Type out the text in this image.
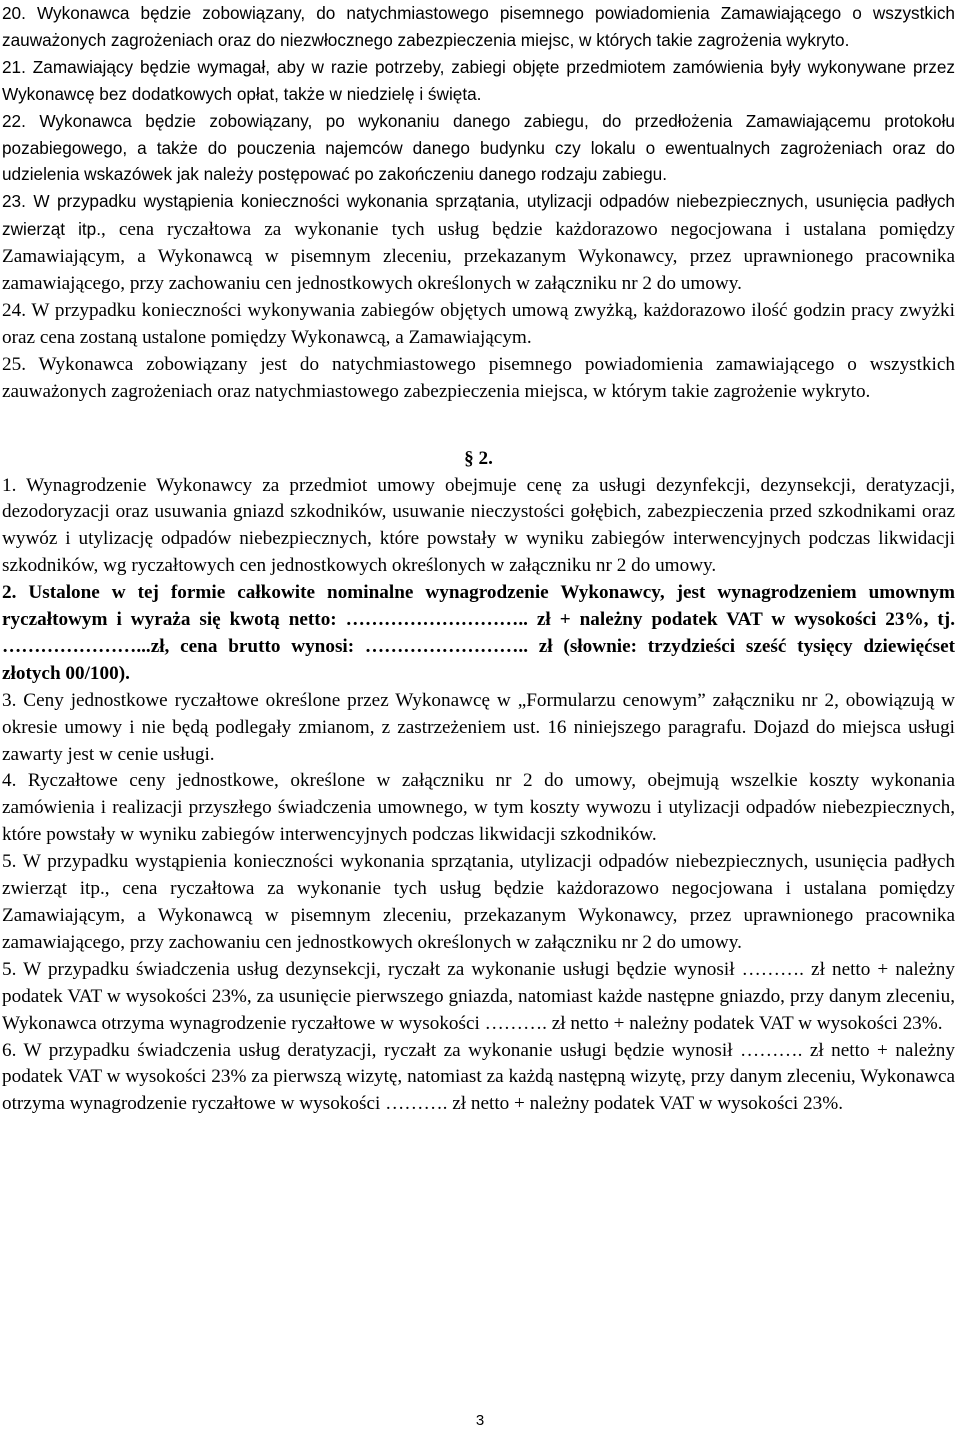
20. Wykonawca będzie zobowiązany, do natychmiastowego pisemnego powiadomienia Zamawiającego o wszystkich zauważonych zagrożeniach oraz do niezwłocznego zabezpieczenia miejsc, w których takie zagrożenia wykryto.

21. Zamawiający będzie wymagał, aby w razie potrzeby, zabiegi objęte przedmiotem zamówienia były wykonywane przez Wykonawcę bez dodatkowych opłat, także w niedzielę i święta.

22. Wykonawca będzie zobowiązany, po wykonaniu danego zabiegu, do przedłożenia Zamawiającemu protokołu pozabiegowego, a także do pouczenia najemców danego budynku czy lokalu o ewentualnych zagrożeniach oraz do udzielenia wskazówek jak należy postępować po zakończeniu danego rodzaju zabiegu.

23. W przypadku wystąpienia konieczności wykonania sprzątania, utylizacji odpadów niebezpiecznych, usunięcia padłych zwierząt itp., cena ryczałtowa za wykonanie tych usług będzie każdorazowo negocjowana i ustalana pomiędzy Zamawiającym, a Wykonawcą w pisemnym zleceniu, przekazanym Wykonawcy, przez uprawnionego pracownika zamawiającego, przy zachowaniu cen jednostkowych określonych w załączniku nr 2 do umowy.

24. W przypadku konieczności wykonywania zabiegów objętych umową zwyżką, każdorazowo ilość godzin pracy zwyżki oraz cena zostaną ustalone pomiędzy Wykonawcą, a Zamawiającym.

25. Wykonawca zobowiązany jest do natychmiastowego pisemnego powiadomienia zamawiającego o wszystkich zauważonych zagrożeniach oraz natychmiastowego zabezpieczenia miejsca, w którym takie zagrożenie wykryto.

§ 2.

1. Wynagrodzenie Wykonawcy za przedmiot umowy obejmuje cenę za usługi dezynfekcji, dezynsekcji, deratyzacji, dezodoryzacji oraz usuwania gniazd szkodników, usuwanie nieczystości gołębich, zabezpieczenia przed szkodnikami oraz wywóz i utylizację odpadów niebezpiecznych, które powstały w wyniku zabiegów interwencyjnych podczas likwidacji szkodników, wg ryczałtowych cen jednostkowych określonych w załączniku nr 2 do umowy.

2. Ustalone w tej formie całkowite nominalne wynagrodzenie Wykonawcy, jest wynagrodzeniem umownym ryczałtowym i wyraża się kwotą netto: ……………………….. zł + należny podatek VAT w wysokości 23%, tj. …………………...zł, cena brutto wynosi: …………………….. zł (słownie: trzydzieści sześć tysięcy dziewięćset złotych 00/100).

3. Ceny jednostkowe ryczałtowe określone przez Wykonawcę w „Formularzu cenowym” załączniku nr 2, obowiązują w okresie umowy i nie będą podlegały zmianom, z zastrzeżeniem ust. 16 niniejszego paragrafu. Dojazd do miejsca usługi zawarty jest w cenie usługi.

4. Ryczałtowe ceny jednostkowe, określone w załączniku nr 2 do umowy, obejmują wszelkie koszty wykonania zamówienia i realizacji przyszłego świadczenia umownego, w tym koszty wywozu i utylizacji odpadów niebezpiecznych, które powstały w wyniku zabiegów interwencyjnych podczas likwidacji szkodników.

5. W przypadku wystąpienia konieczności wykonania sprzątania, utylizacji odpadów niebezpiecznych, usunięcia padłych zwierząt itp., cena ryczałtowa za wykonanie tych usług będzie każdorazowo negocjowana i ustalana pomiędzy Zamawiającym, a Wykonawcą w pisemnym zleceniu, przekazanym Wykonawcy, przez uprawnionego pracownika zamawiającego, przy zachowaniu cen jednostkowych określonych w załączniku nr 2 do umowy.

5. W przypadku świadczenia usług dezynsekcji, ryczałt za wykonanie usługi będzie wynosił ………. zł netto + należny podatek VAT w wysokości 23%, za usunięcie pierwszego gniazda, natomiast każde następne gniazdo, przy danym zleceniu, Wykonawca otrzyma wynagrodzenie ryczałtowe w wysokości ………. zł netto + należny podatek VAT w wysokości 23%.

6. W przypadku świadczenia usług deratyzacji, ryczałt za wykonanie usługi będzie wynosił ………. zł netto + należny podatek VAT w wysokości 23% za pierwszą wizytę, natomiast za każdą następną wizytę, przy danym zleceniu, Wykonawca otrzyma wynagrodzenie ryczałtowe w wysokości ………. zł netto + należny podatek VAT w wysokości 23%.

3
